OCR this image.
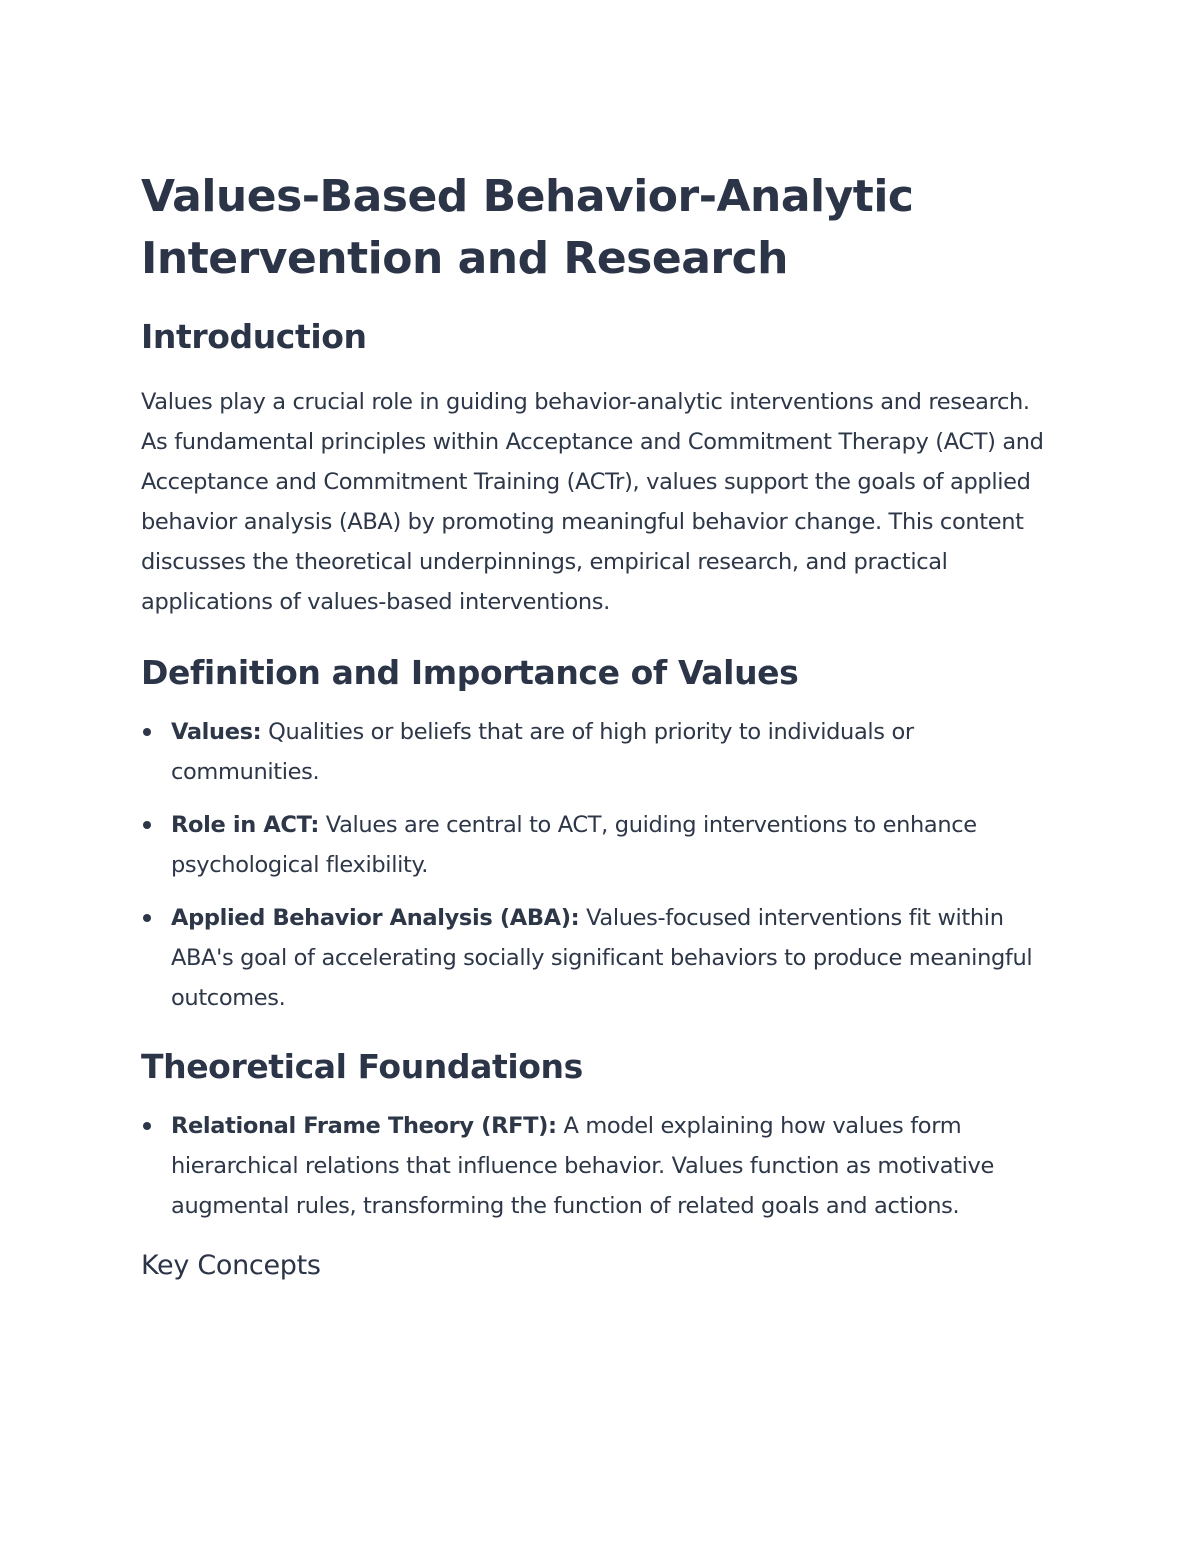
Values-Based Behavior-Analytic Intervention and Research
Introduction

Values play a crucial role in guiding behavior-analytic interventions and research. As fundamental principles within Acceptance and Commitment Therapy (ACT) and Acceptance and Commitment Training (ACTr), values support the goals of applied behavior analysis (ABA) by promoting meaningful behavior change. This content discusses the theoretical underpinnings, empirical research, and practical applications of values-based interventions.

Definition and Importance of Values
Values: Qualities or beliefs that are of high priority to individuals or communities.
Role in ACT: Values are central to ACT, guiding interventions to enhance psychological flexibility.
Applied Behavior Analysis (ABA): Values-focused interventions fit within ABA's goal of accelerating socially significant behaviors to produce meaningful outcomes.
Theoretical Foundations
Relational Frame Theory (RFT): A model explaining how values form hierarchical relations that influence behavior. Values function as motivative augmental rules, transforming the function of related goals and actions.
Key Concepts
